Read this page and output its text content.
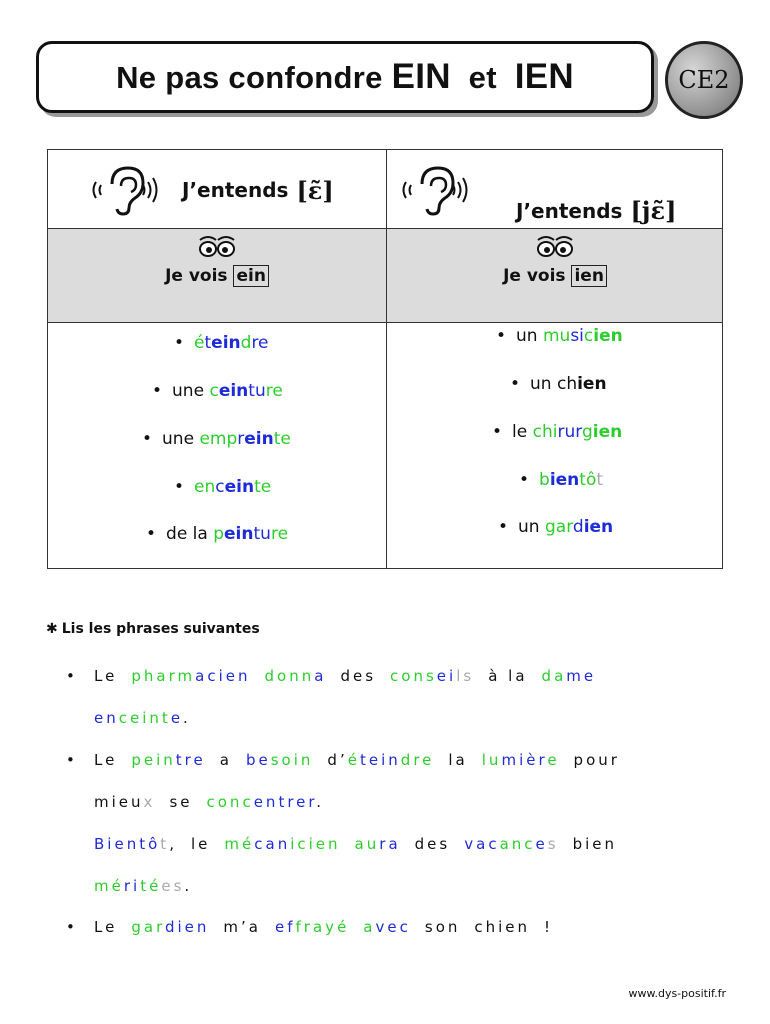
Ne pas confondre EIN  et  IEN	CE2
J’entends [ɛ̃]
J’entends [jɛ̃]
Je vois ein	Je vois ien
• éteindre
• une ceinture
• une empreinte
• enceinte
• de la peinture
• un musicien
• un chien
• le chirurgien
• bientôt
• un gardien
✱ Lis les phrases suivantes
• Le pharmacien donna des conseils à la dame
enceinte.
• Le peintre a besoin d’éteindre la lumière pour
mieux se concentrer.
Bientôt, le mécanicien aura des vacances bien
méritées.
• Le gardien m’a effrayé avec son chien !
www.dys-positif.fr
